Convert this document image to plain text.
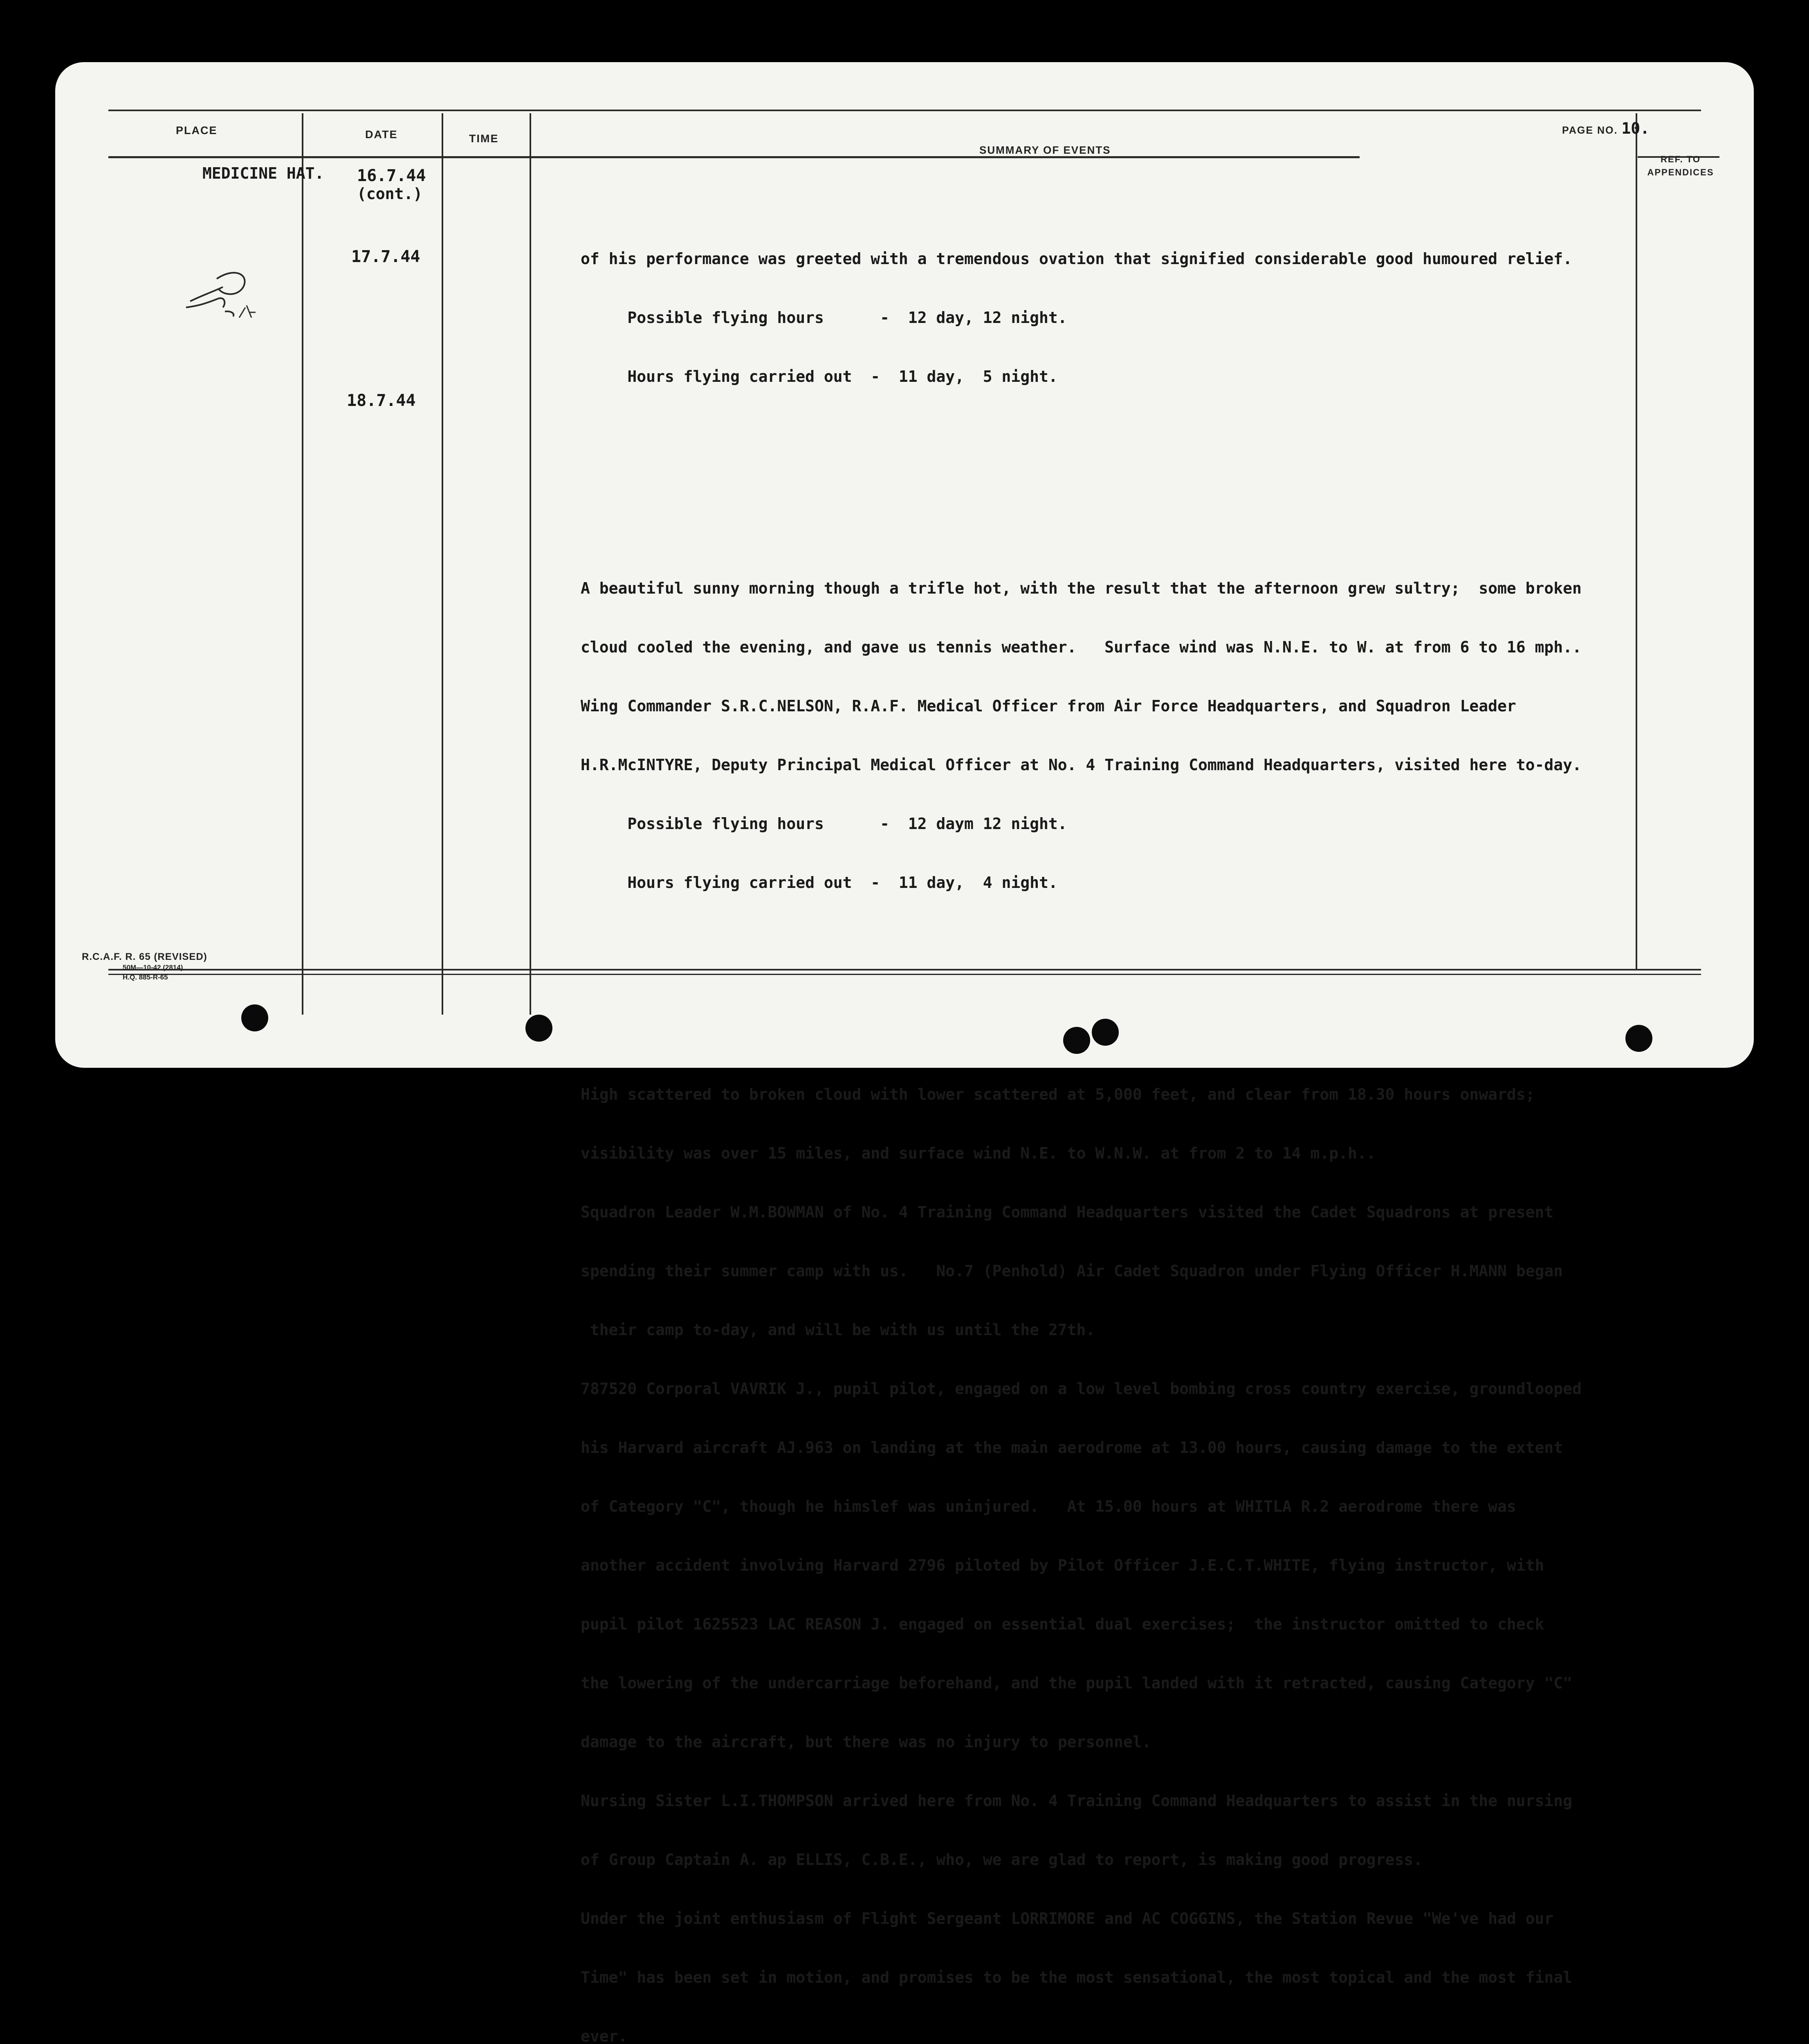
PLACE	DATE	TIME
SUMMARY OF EVENTS
PAGE NO. 10.
REF. TO
APPENDICES
MEDICINE HAT. 16.7.44
(cont.)
17.7.44
18.7.44

of his performance was greeted with a tremendous ovation that signified considerable good humoured relief.

Possible flying hours      -  12 day, 12 night.

Hours flying carried out  -  11 day,  5 night.

A beautiful sunny morning though a trifle hot, with the result that the afternoon grew sultry;  some broken

cloud cooled the evening, and gave us tennis weather.   Surface wind was N.N.E. to W. at from 6 to 16 mph..

Wing Commander S.R.C.NELSON, R.A.F. Medical Officer from Air Force Headquarters, and Squadron Leader

H.R.McINTYRE, Deputy Principal Medical Officer at No. 4 Training Command Headquarters, visited here to-day.

Possible flying hours      -  12 daym 12 night.

Hours flying carried out  -  11 day,  4 night.

High scattered to broken cloud with lower scattered at 5,000 feet, and clear from 18.30 hours onwards;

visibility was over 15 miles, and surface wind N.E. to W.N.W. at from 2 to 14 m.p.h..

Squadron Leader W.M.BOWMAN of No. 4 Training Command Headquarters visited the Cadet Squadrons at present

spending their summer camp with us.   No.7 (Penhold) Air Cadet Squadron under Flying Officer H.MANN began

their camp to-day, and will be with us until the 27th.

787520 Corporal VAVRIK J., pupil pilot, engaged on a low level bombing cross country exercise, groundlooped

his Harvard aircraft AJ.963 on landing at the main aerodrome at 13.00 hours, causing damage to the extent

of Category "C", though he himslef was uninjured.   At 15.00 hours at WHITLA R.2 aerodrome there was

another accident involving Harvard 2796 piloted by Pilot Officer J.E.C.T.WHITE, flying instructor, with

pupil pilot 1625523 LAC REASON J. engaged on essential dual exercises;  the instructor omitted to check

the lowering of the undercarriage beforehand, and the pupil landed with it retracted, causing Category "C"

damage to the aircraft, but there was no injury to personnel.

Nursing Sister L.I.THOMPSON arrived here from No. 4 Training Command Headquarters to assist in the nursing

of Group Captain A. ap ELLIS, C.B.E., who, we are glad to report, is making good progress.

Under the joint enthusiasm of Flight Sergeant LORRIMORE and AC COGGINS, the Station Revue "We've had our

Time" has been set in motion, and promises to be the most sensational, the most topical and the most final

ever.

R.C.A.F. R. 65 (REVISED)
50M—10-42 (2814)
H.Q. 885-R-65
